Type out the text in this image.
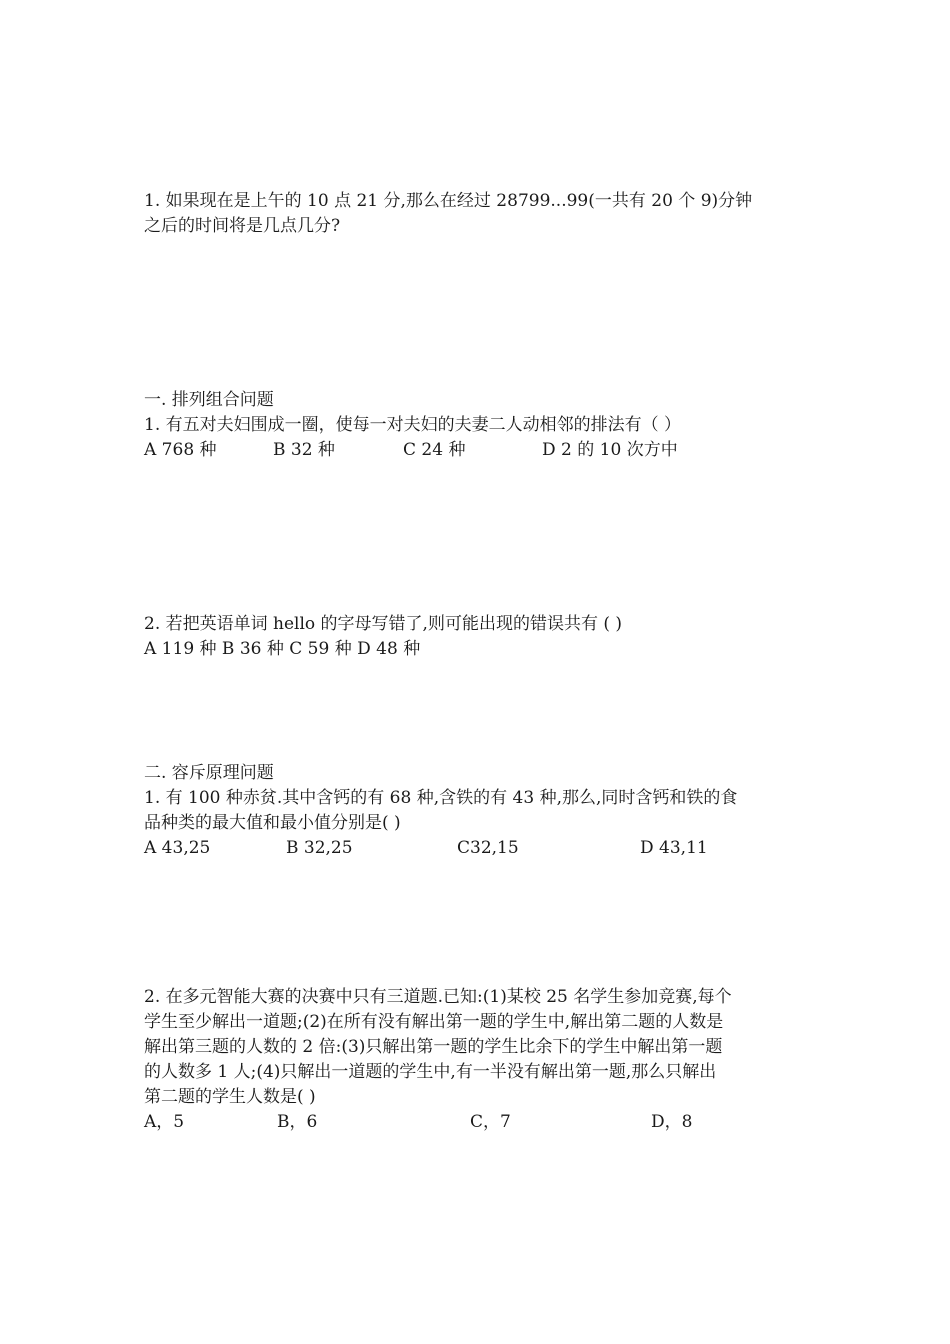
1. 如果现在是上午的 10 点 21 分,那么在经过 28799...99(一共有 20 个 9)分钟
之后的时间将是几点几分?
一. 排列组合问题
1. 有五对夫妇围成一圈，使每一对夫妇的夫妻二人动相邻的排法有（ ）
A 768 种	B 32 种	C 24 种	D 2 的 10 次方中
2. 若把英语单词 hello 的字母写错了,则可能出现的错误共有 ( )
A 119 种 B 36 种 C 59 种 D 48 种
二. 容斥原理问题
1. 有 100 种赤贫.其中含钙的有 68 种,含铁的有 43 种,那么,同时含钙和铁的食
品种类的最大值和最小值分别是( )
A 43,25	B 32,25	C32,15	D 43,11
2. 在多元智能大赛的决赛中只有三道题.已知:(1)某校 25 名学生参加竞赛,每个
学生至少解出一道题;(2)在所有没有解出第一题的学生中,解出第二题的人数是
解出第三题的人数的 2 倍:(3)只解出第一题的学生比余下的学生中解出第一题
的人数多 1 人;(4)只解出一道题的学生中,有一半没有解出第一题,那么只解出
第二题的学生人数是( )
A，5	B，6	C，7	D，8
